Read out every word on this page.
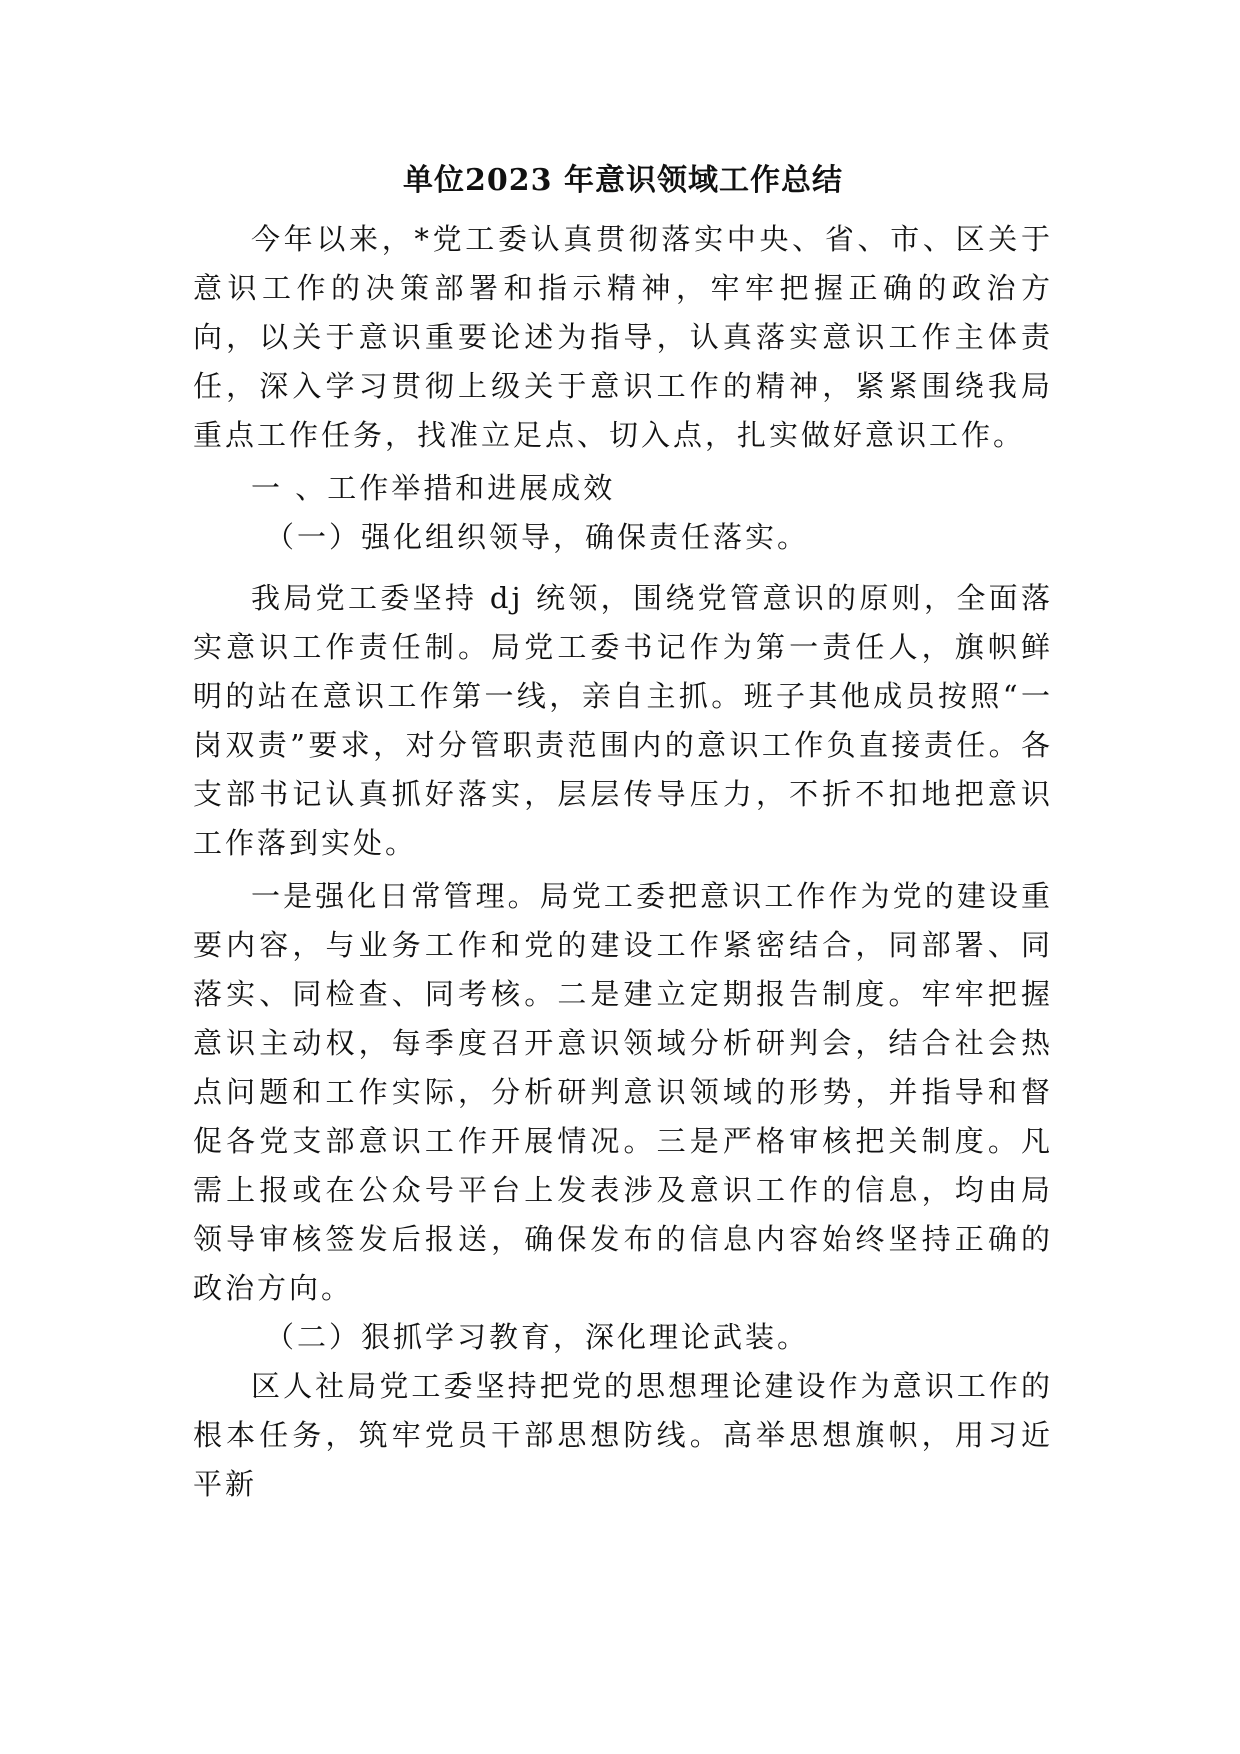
单位2023 年意识领域工作总结

今年以来，*党工委认真贯彻落实中央、省、市、区关于意识工作的决策部署和指示精神，牢牢把握正确的政治方向，以关于意识重要论述为指导，认真落实意识工作主体责任，深入学习贯彻上级关于意识工作的精神，紧紧围绕我局重点工作任务，找准立足点、切入点，扎实做好意识工作。

一 、工作举措和进展成效

（一）强化组织领导，确保责任落实。

我局党工委坚持 dj 统领，围绕党管意识的原则，全面落实意识工作责任制。局党工委书记作为第一责任人，旗帜鲜明的站在意识工作第一线，亲自主抓。班子其他成员按照“一岗双责”要求，对分管职责范围内的意识工作负直接责任。各支部书记认真抓好落实，层层传导压力，不折不扣地把意识工作落到实处。

一是强化日常管理。局党工委把意识工作作为党的建设重要内容，与业务工作和党的建设工作紧密结合，同部署、同落实、同检查、同考核。二是建立定期报告制度。牢牢把握意识主动权，每季度召开意识领域分析研判会，结合社会热点问题和工作实际，分析研判意识领域的形势，并指导和督促各党支部意识工作开展情况。三是严格审核把关制度。凡需上报或在公众号平台上发表涉及意识工作的信息，均由局领导审核签发后报送，确保发布的信息内容始终坚持正确的政治方向。

（二）狠抓学习教育，深化理论武装。

区人社局党工委坚持把党的思想理论建设作为意识工作的根本任务，筑牢党员干部思想防线。高举思想旗帜，用习近平新
